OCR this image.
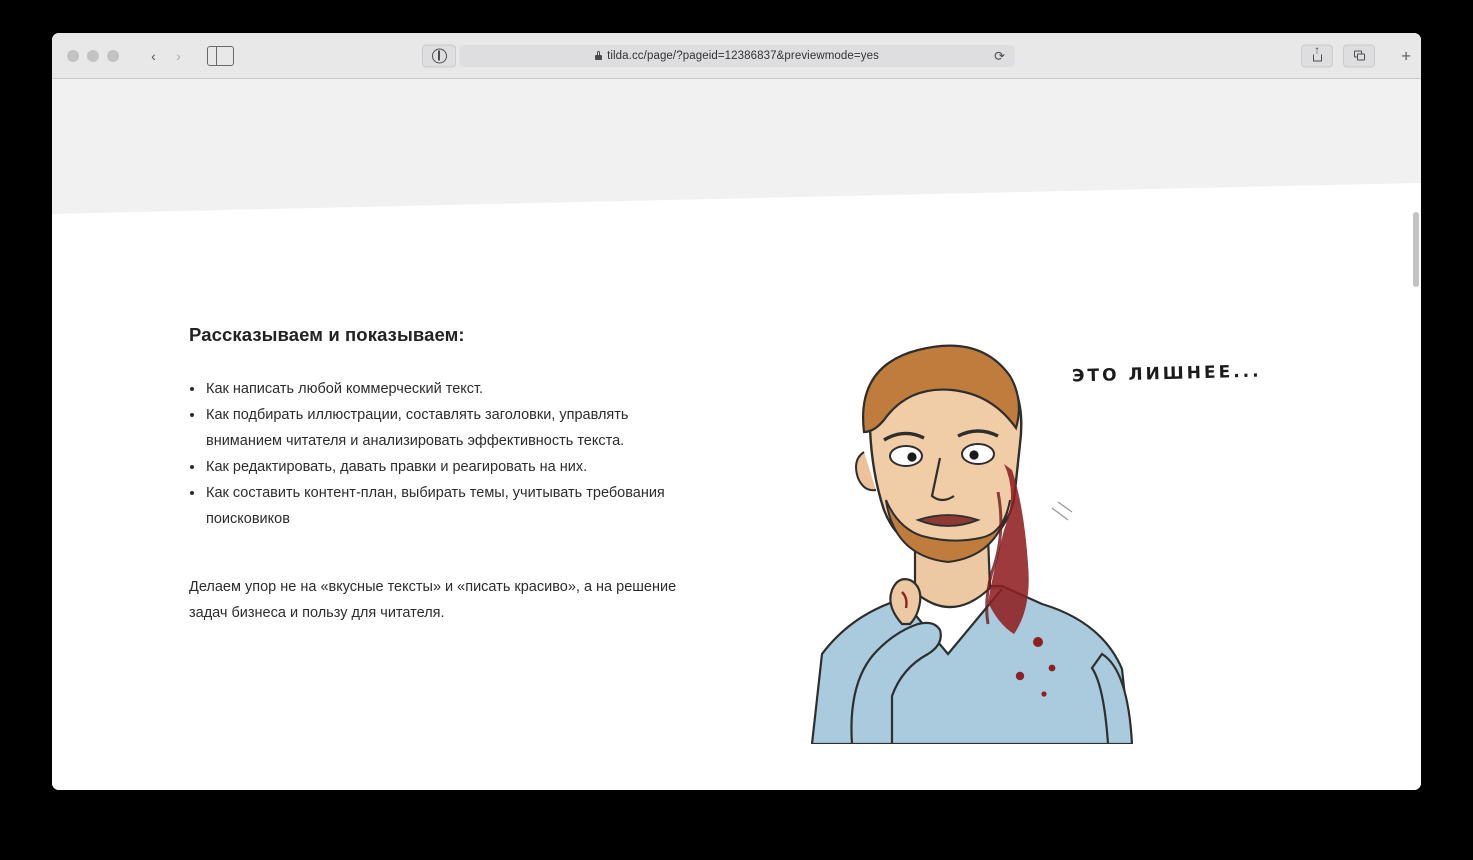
‹	›	tilda.cc/page/?pageid=12386837&previewmode=yes	⟳ ↑	+
Рассказываем и показываем:
Как написать любой коммерческий текст.
Как подбирать иллюстрации, составлять заголовки, управлять вниманием читателя и анализировать эффективность текста.
Как редактировать, давать правки и реагировать на них.
Как составить контент-план, выбирать темы, учитывать требования поисковиков

Делаем упор не на «вкусные тексты» и «писать красиво», а на решение задач бизнеса и пользу для читателя.

ЭТО ЛИШНЕЕ...
